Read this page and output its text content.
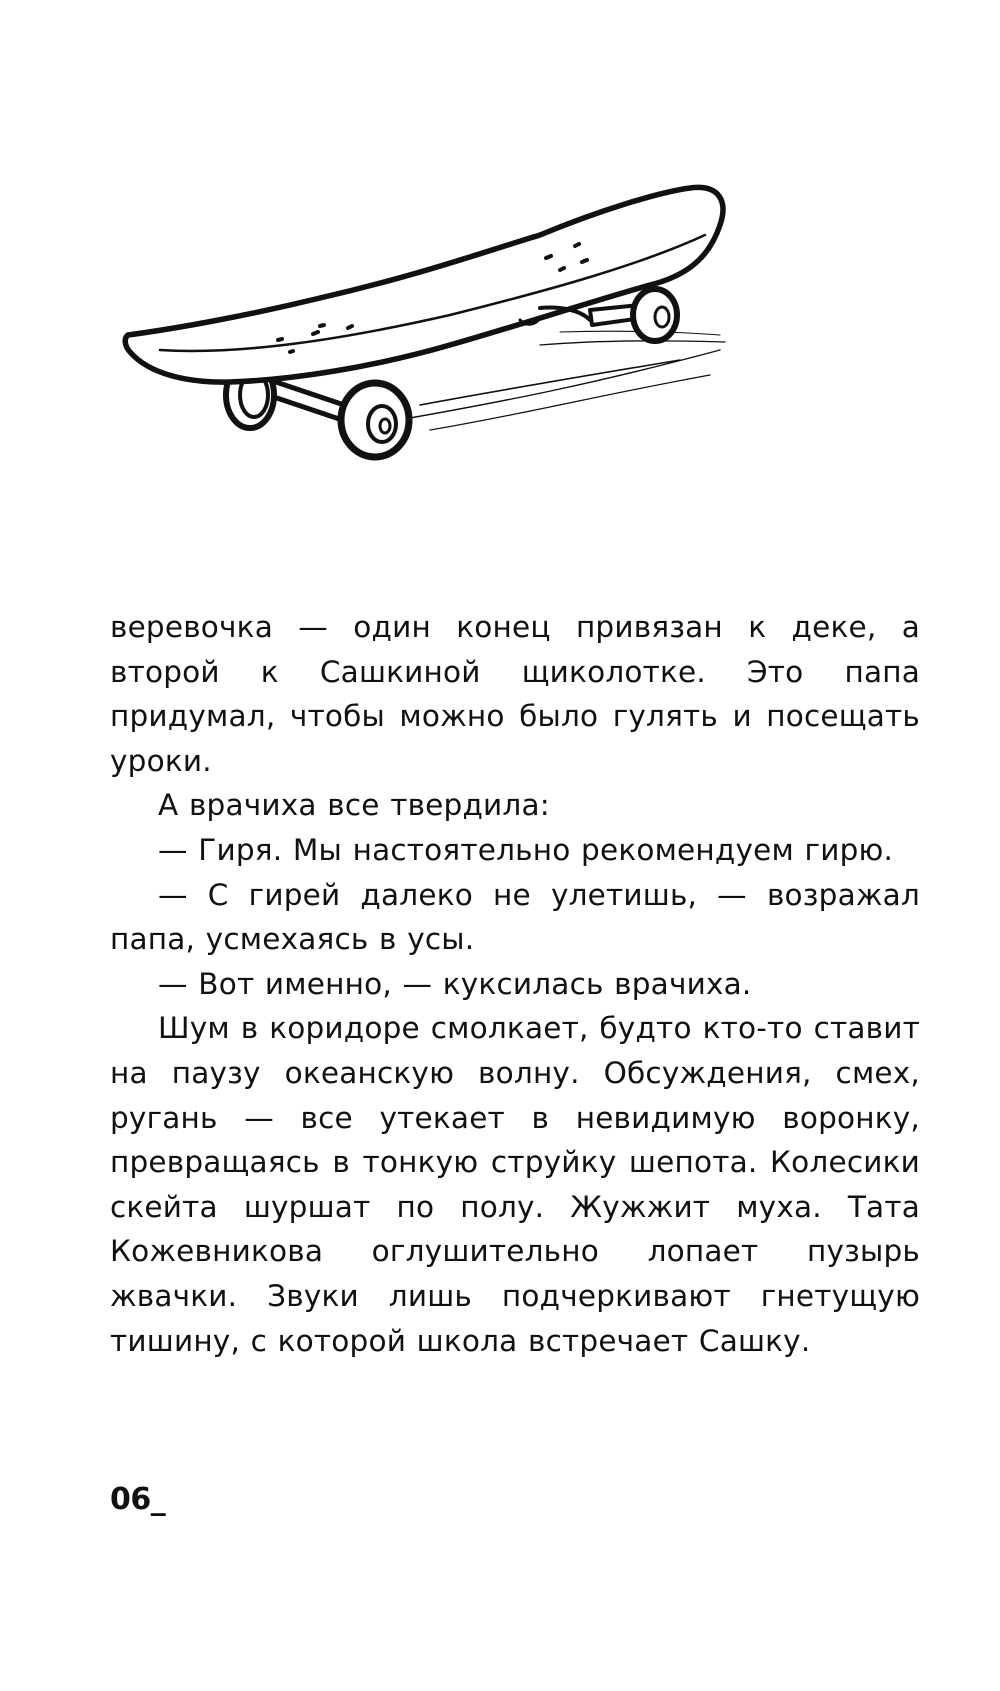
веревочка — один конец привязан к деке, а второй к Сашкиной щиколотке. Это папа придумал, чтобы можно было гулять и посещать уроки.

А врачиха все твердила:

— Гиря. Мы настоятельно рекомендуем гирю.

— С гирей далеко не улетишь, — возражал папа, усмехаясь в усы.

— Вот именно, — куксилась врачиха.

Шум в коридоре смолкает, будто кто-то ставит на паузу океанскую волну. Обсуждения, смех, ругань — все утекает в невидимую воронку, превращаясь в тонкую струйку шепота. Колесики скейта шуршат по полу. Жужжит муха. Тата Кожевникова оглушительно лопает пузырь жвачки. Звуки лишь подчеркивают гнетущую тишину, с которой школа встречает Сашку.

06_
